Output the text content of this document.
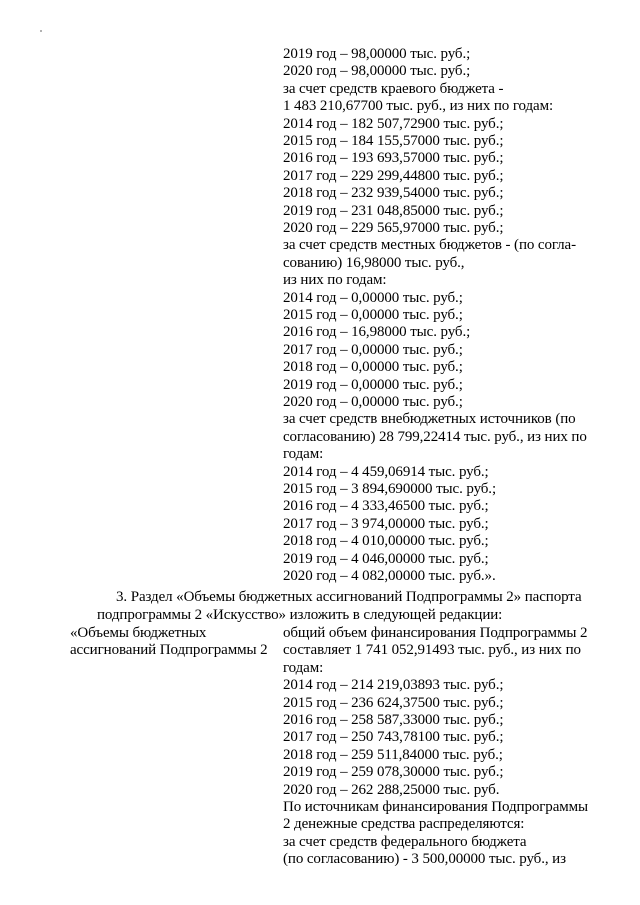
3. Раздел «Объемы бюджетных ассигнований Подпрограммы 2» паспорта
подпрограммы 2 «Искусство» изложить в следующей редакции:
2019 год – 98,00000 тыс. руб.;
2020 год – 98,00000 тыс. руб.;
за счет средств краевого бюджета -
1 483 210,67700 тыс. руб., из них по годам:
2014 год – 182 507,72900 тыс. руб.;
2015 год – 184 155,57000 тыс. руб.;
2016 год – 193 693,57000 тыс. руб.;
2017 год – 229 299,44800 тыс. руб.;
2018 год – 232 939,54000 тыс. руб.;
2019 год – 231 048,85000 тыс. руб.;
2020 год – 229 565,97000 тыс. руб.;
за счет средств местных бюджетов - (по согла-
сованию) 16,98000 тыс. руб.,
из них по годам:
2014 год – 0,00000 тыс. руб.;
2015 год – 0,00000 тыс. руб.;
2016 год – 16,98000 тыс. руб.;
2017 год – 0,00000 тыс. руб.;
2018 год – 0,00000 тыс. руб.;
2019 год – 0,00000 тыс. руб.;
2020 год – 0,00000 тыс. руб.;
за счет средств внебюджетных источников (по
согласованию) 28 799,22414 тыс. руб., из них по
годам:
2014 год – 4 459,06914 тыс. руб.;
2015 год – 3 894,690000 тыс. руб.;
2016 год – 4 333,46500 тыс. руб.;
2017 год – 3 974,00000 тыс. руб.;
2018 год – 4 010,00000 тыс. руб.;
2019 год – 4 046,00000 тыс. руб.;
2020 год – 4 082,00000 тыс. руб.».
«Объемы бюджетных
ассигнований Подпрограммы 2
общий объем финансирования Подпрограммы 2
составляет 1 741 052,91493 тыс. руб., из них по
годам:
2014 год – 214 219,03893 тыс. руб.;
2015 год – 236 624,37500 тыс. руб.;
2016 год – 258 587,33000 тыс. руб.;
2017 год – 250 743,78100 тыс. руб.;
2018 год – 259 511,84000 тыс. руб.;
2019 год – 259 078,30000 тыс. руб.;
2020 год – 262 288,25000 тыс. руб.
По источникам финансирования Подпрограммы
2 денежные средства распределяются:
за счет средств федерального бюджета
(по согласованию) - 3 500,00000 тыс. руб., из
